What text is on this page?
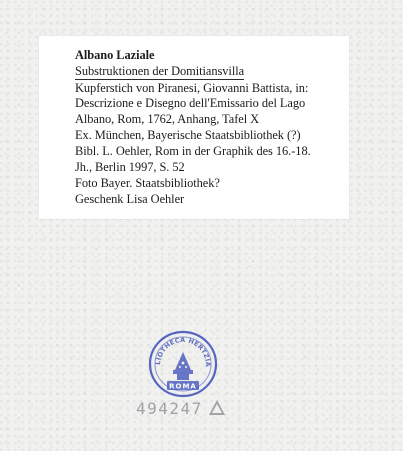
Albano Laziale
Substruktionen der Domitiansvilla
Kupferstich von Piranesi, Giovanni Battista, in:
Descrizione e Disegno dell'Emissario del Lago
Albano, Rom, 1762, Anhang, Tafel X
Ex. München, Bayerische Staatsbibliothek (?)
Bibl. L. Oehler, Rom in der Graphik des 16.-18.
Jh., Berlin 1997, S. 52
Foto Bayer. Staatsbibliothek?
Geschenk Lisa Oehler
LIOTHECA HERTZIA
ROMA
494247
